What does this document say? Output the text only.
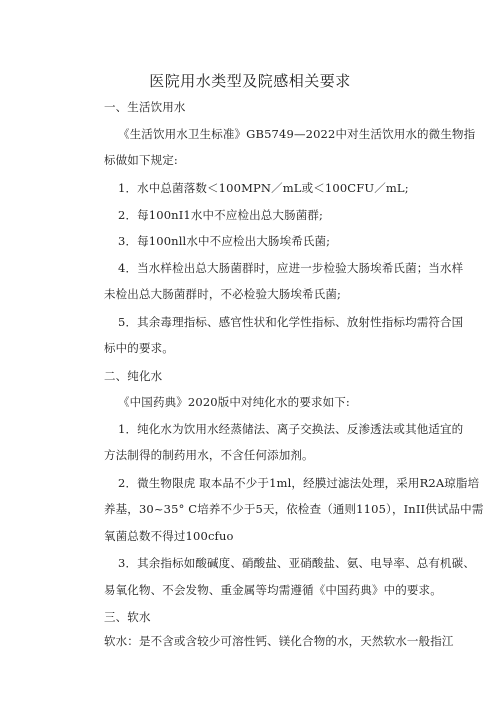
医院用水类型及院感相关要求
一、生活饮用水
《生活饮用水卫生标准》GB5749—2022中对生活饮用水的微生物指
标做如下规定:
1．水中总菌落数＜100MPN／mL或＜100CFU／mL;
2．每100nI1水中不应检出总大肠菌群;
3．每100nll水中不应检出大肠埃希氏菌;
4．当水样检出总大肠菌群时，应进一步检验大肠埃希氏菌；当水样
未检出总大肠菌群时，不必检验大肠埃希氏菌;
5．其余毒理指标、感官性状和化学性指标、放射性指标均需符合国
标中的要求。
二、纯化水
《中国药典》2020版中对纯化水的要求如下:
1．纯化水为饮用水经蒸储法、离子交换法、反渗透法或其他适宜的
方法制得的制药用水，不含任何添加剂。
2．微生物限虎 取本品不少于1ml，经膜过滤法处理，采用R2A琼脂培
养基，30~35° C培养不少于5天，依检查（通则1105），InII供试品中需
氧菌总数不得过100cfuo
3．其余指标如酸碱度、硝酸盐、亚硝酸盐、氨、电导率、总有机碳、
易氧化物、不会发物、重金属等均需遵循《中国药典》中的要求。
三、软水
软水：是不含或含较少可溶性钙、镁化合物的水，天然软水一般指江
